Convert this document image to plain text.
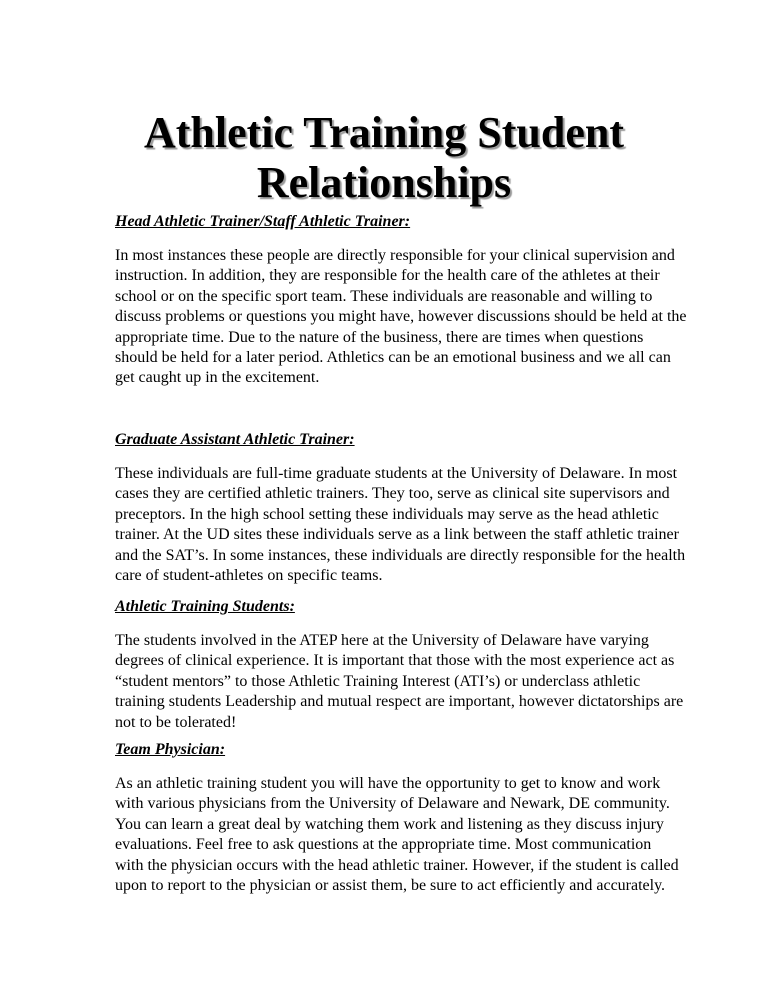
Athletic Training Student
Relationships
Head Athletic Trainer/Staff Athletic Trainer:
In most instances these people are directly responsible for your clinical supervision and
instruction. In addition, they are responsible for the health care of the athletes at their
school or on the specific sport team. These individuals are reasonable and willing to
discuss problems or questions you might have, however discussions should be held at the
appropriate time. Due to the nature of the business, there are times when questions
should be held for a later period. Athletics can be an emotional business and we all can
get caught up in the excitement.
Graduate Assistant Athletic Trainer:
These individuals are full-time graduate students at the University of Delaware. In most
cases they are certified athletic trainers. They too, serve as clinical site supervisors and
preceptors. In the high school setting these individuals may serve as the head athletic
trainer. At the UD sites these individuals serve as a link between the staff athletic trainer
and the SAT’s. In some instances, these individuals are directly responsible for the health
care of student-athletes on specific teams.
Athletic Training Students:
The students involved in the ATEP here at the University of Delaware have varying
degrees of clinical experience. It is important that those with the most experience act as
“student mentors” to those Athletic Training Interest (ATI’s) or underclass athletic
training students Leadership and mutual respect are important, however dictatorships are
not to be tolerated!
Team Physician:
As an athletic training student you will have the opportunity to get to know and work
with various physicians from the University of Delaware and Newark, DE community.
You can learn a great deal by watching them work and listening as they discuss injury
evaluations. Feel free to ask questions at the appropriate time. Most communication
with the physician occurs with the head athletic trainer. However, if the student is called
upon to report to the physician or assist them, be sure to act efficiently and accurately.
